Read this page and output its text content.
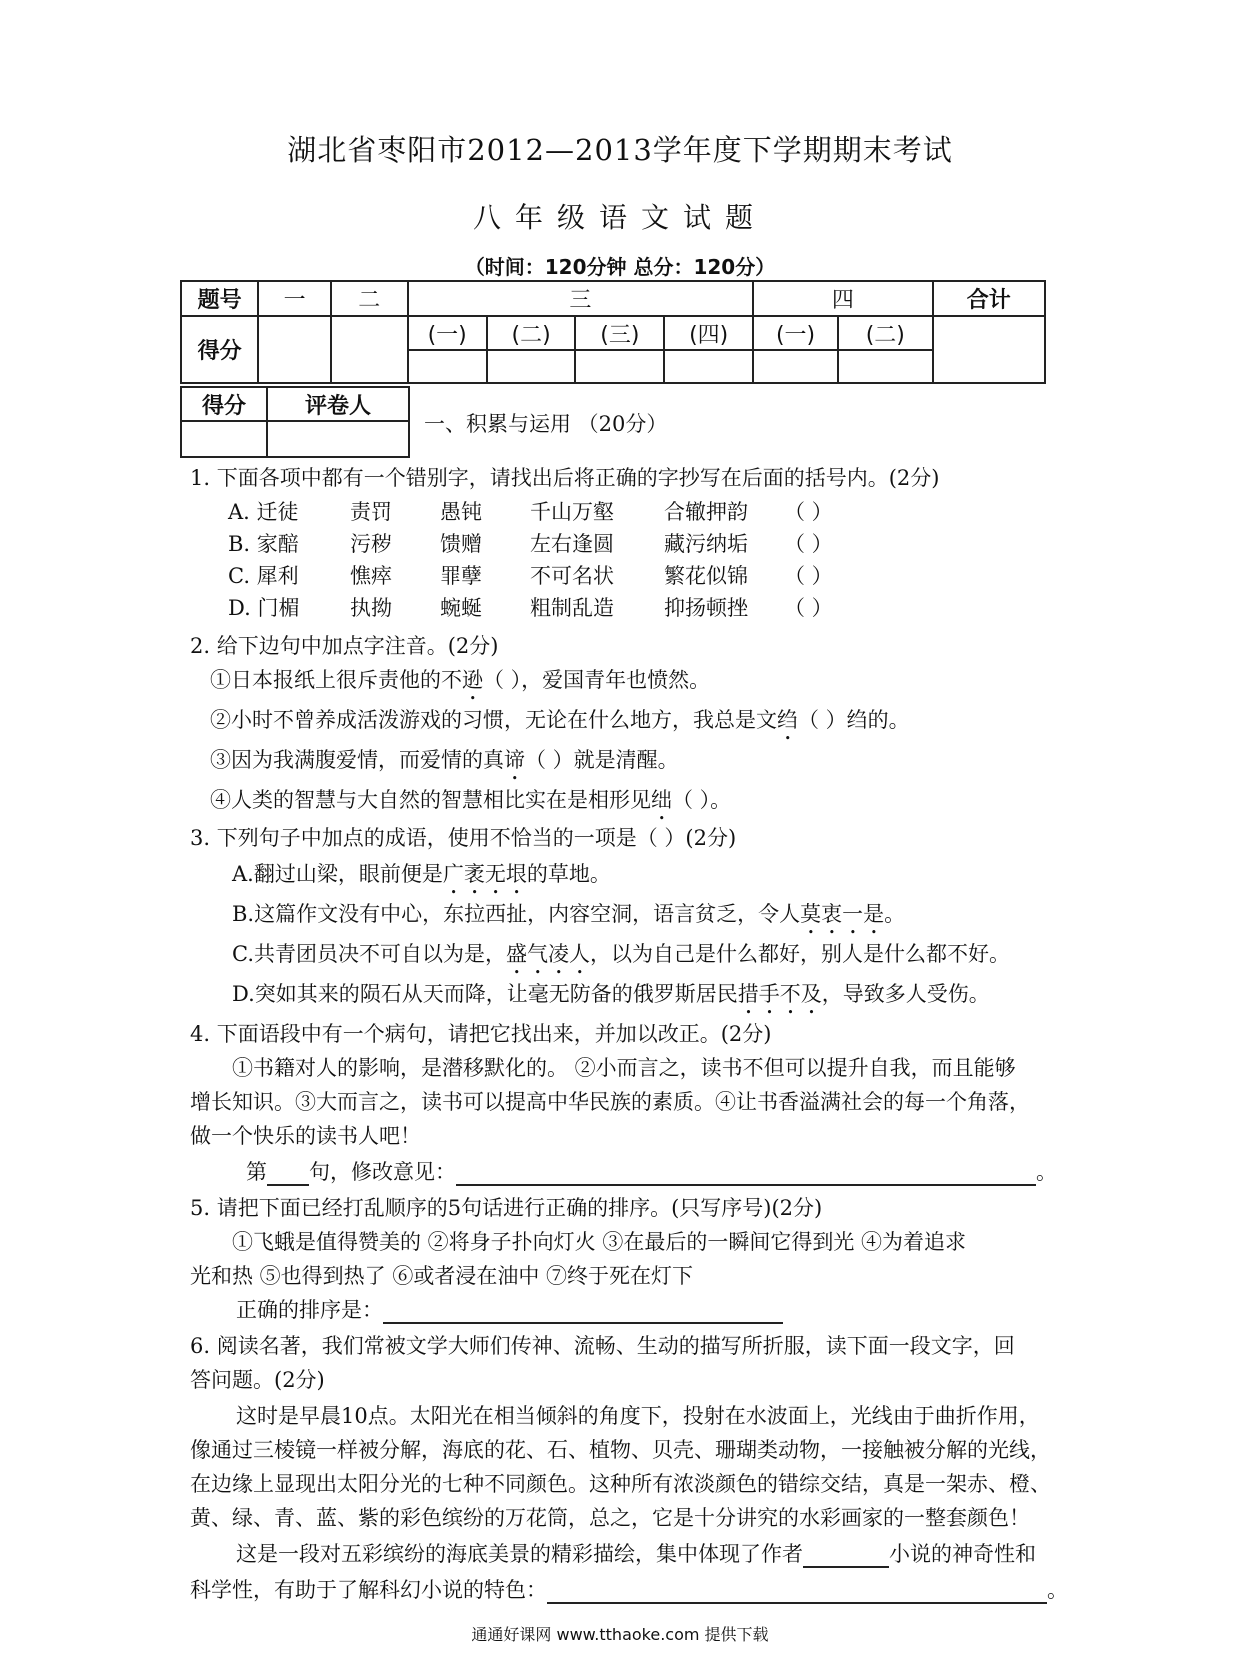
湖北省枣阳市2012—2013学年度下学期期末考试
八年级语文试题
（时间：120分钟 总分：120分）
题号	一	二	三				四		合计
得分			(一)	(二)	(三)	(四)	(一)	(二)	

得分	评卷人

一、积累与运用 （20分）
1. 下面各项中都有一个错别字，请找出后将正确的字抄写在后面的括号内。(2分)
A. 迁徒 责罚 愚钝 千山万壑 合辙押韵 （ ）
B. 家醅 污秽 馈赠 左右逢圆 藏污纳垢 （ ）
C. 犀利 憔瘁 罪孽 不可名状 繁花似锦 （ ）
D. 门楣 执拗 蜿蜒 粗制乱造 抑扬顿挫 （ ）
2. 给下边句中加点字注音。(2分)
①日本报纸上很斥责他的不逊（ ），爱国青年也愤然。
②小时不曾养成活泼游戏的习惯，无论在什么地方，我总是文绉（ ）绉的。
③因为我满腹爱情，而爱情的真谛（ ）就是清醒。
④人类的智慧与大自然的智慧相比实在是相形见绌（ ）。
3. 下列句子中加点的成语，使用不恰当的一项是（ ）(2分)
A.翻过山梁，眼前便是广袤无垠的草地。
B.这篇作文没有中心，东拉西扯，内容空洞，语言贫乏，令人莫衷一是。
C.共青团员决不可自以为是，盛气凌人，以为自己是什么都好，别人是什么都不好。
D.突如其来的陨石从天而降，让毫无防备的俄罗斯居民措手不及，导致多人受伤。
4. 下面语段中有一个病句，请把它找出来，并加以改正。(2分)
①书籍对人的影响，是潜移默化的。 ②小而言之，读书不但可以提升自我，而且能够
增长知识。③大而言之，读书可以提高中华民族的素质。④让书香溢满社会的每一个角落，
做一个快乐的读书人吧！
第 句，修改意见：	。
5. 请把下面已经打乱顺序的5句话进行正确的排序。(只写序号)(2分)
①飞蛾是值得赞美的 ②将身子扑向灯火 ③在最后的一瞬间它得到光 ④为着追求
光和热 ⑤也得到热了 ⑥或者浸在油中 ⑦终于死在灯下
正确的排序是：
6. 阅读名著，我们常被文学大师们传神、流畅、生动的描写所折服，读下面一段文字，回
答问题。(2分)
这时是早晨10点。太阳光在相当倾斜的角度下，投射在水波面上，光线由于曲折作用，
像通过三棱镜一样被分解，海底的花、石、植物、贝壳、珊瑚类动物，一接触被分解的光线，
在边缘上显现出太阳分光的七种不同颜色。这种所有浓淡颜色的错综交结，真是一架赤、橙、
黄、绿、青、蓝、紫的彩色缤纷的万花筒，总之，它是十分讲究的水彩画家的一整套颜色！
这是一段对五彩缤纷的海底美景的精彩描绘，集中体现了作者	小说的神奇性和
科学性，有助于了解科幻小说的特色：	。
通通好课网 www.tthaoke.com 提供下载
